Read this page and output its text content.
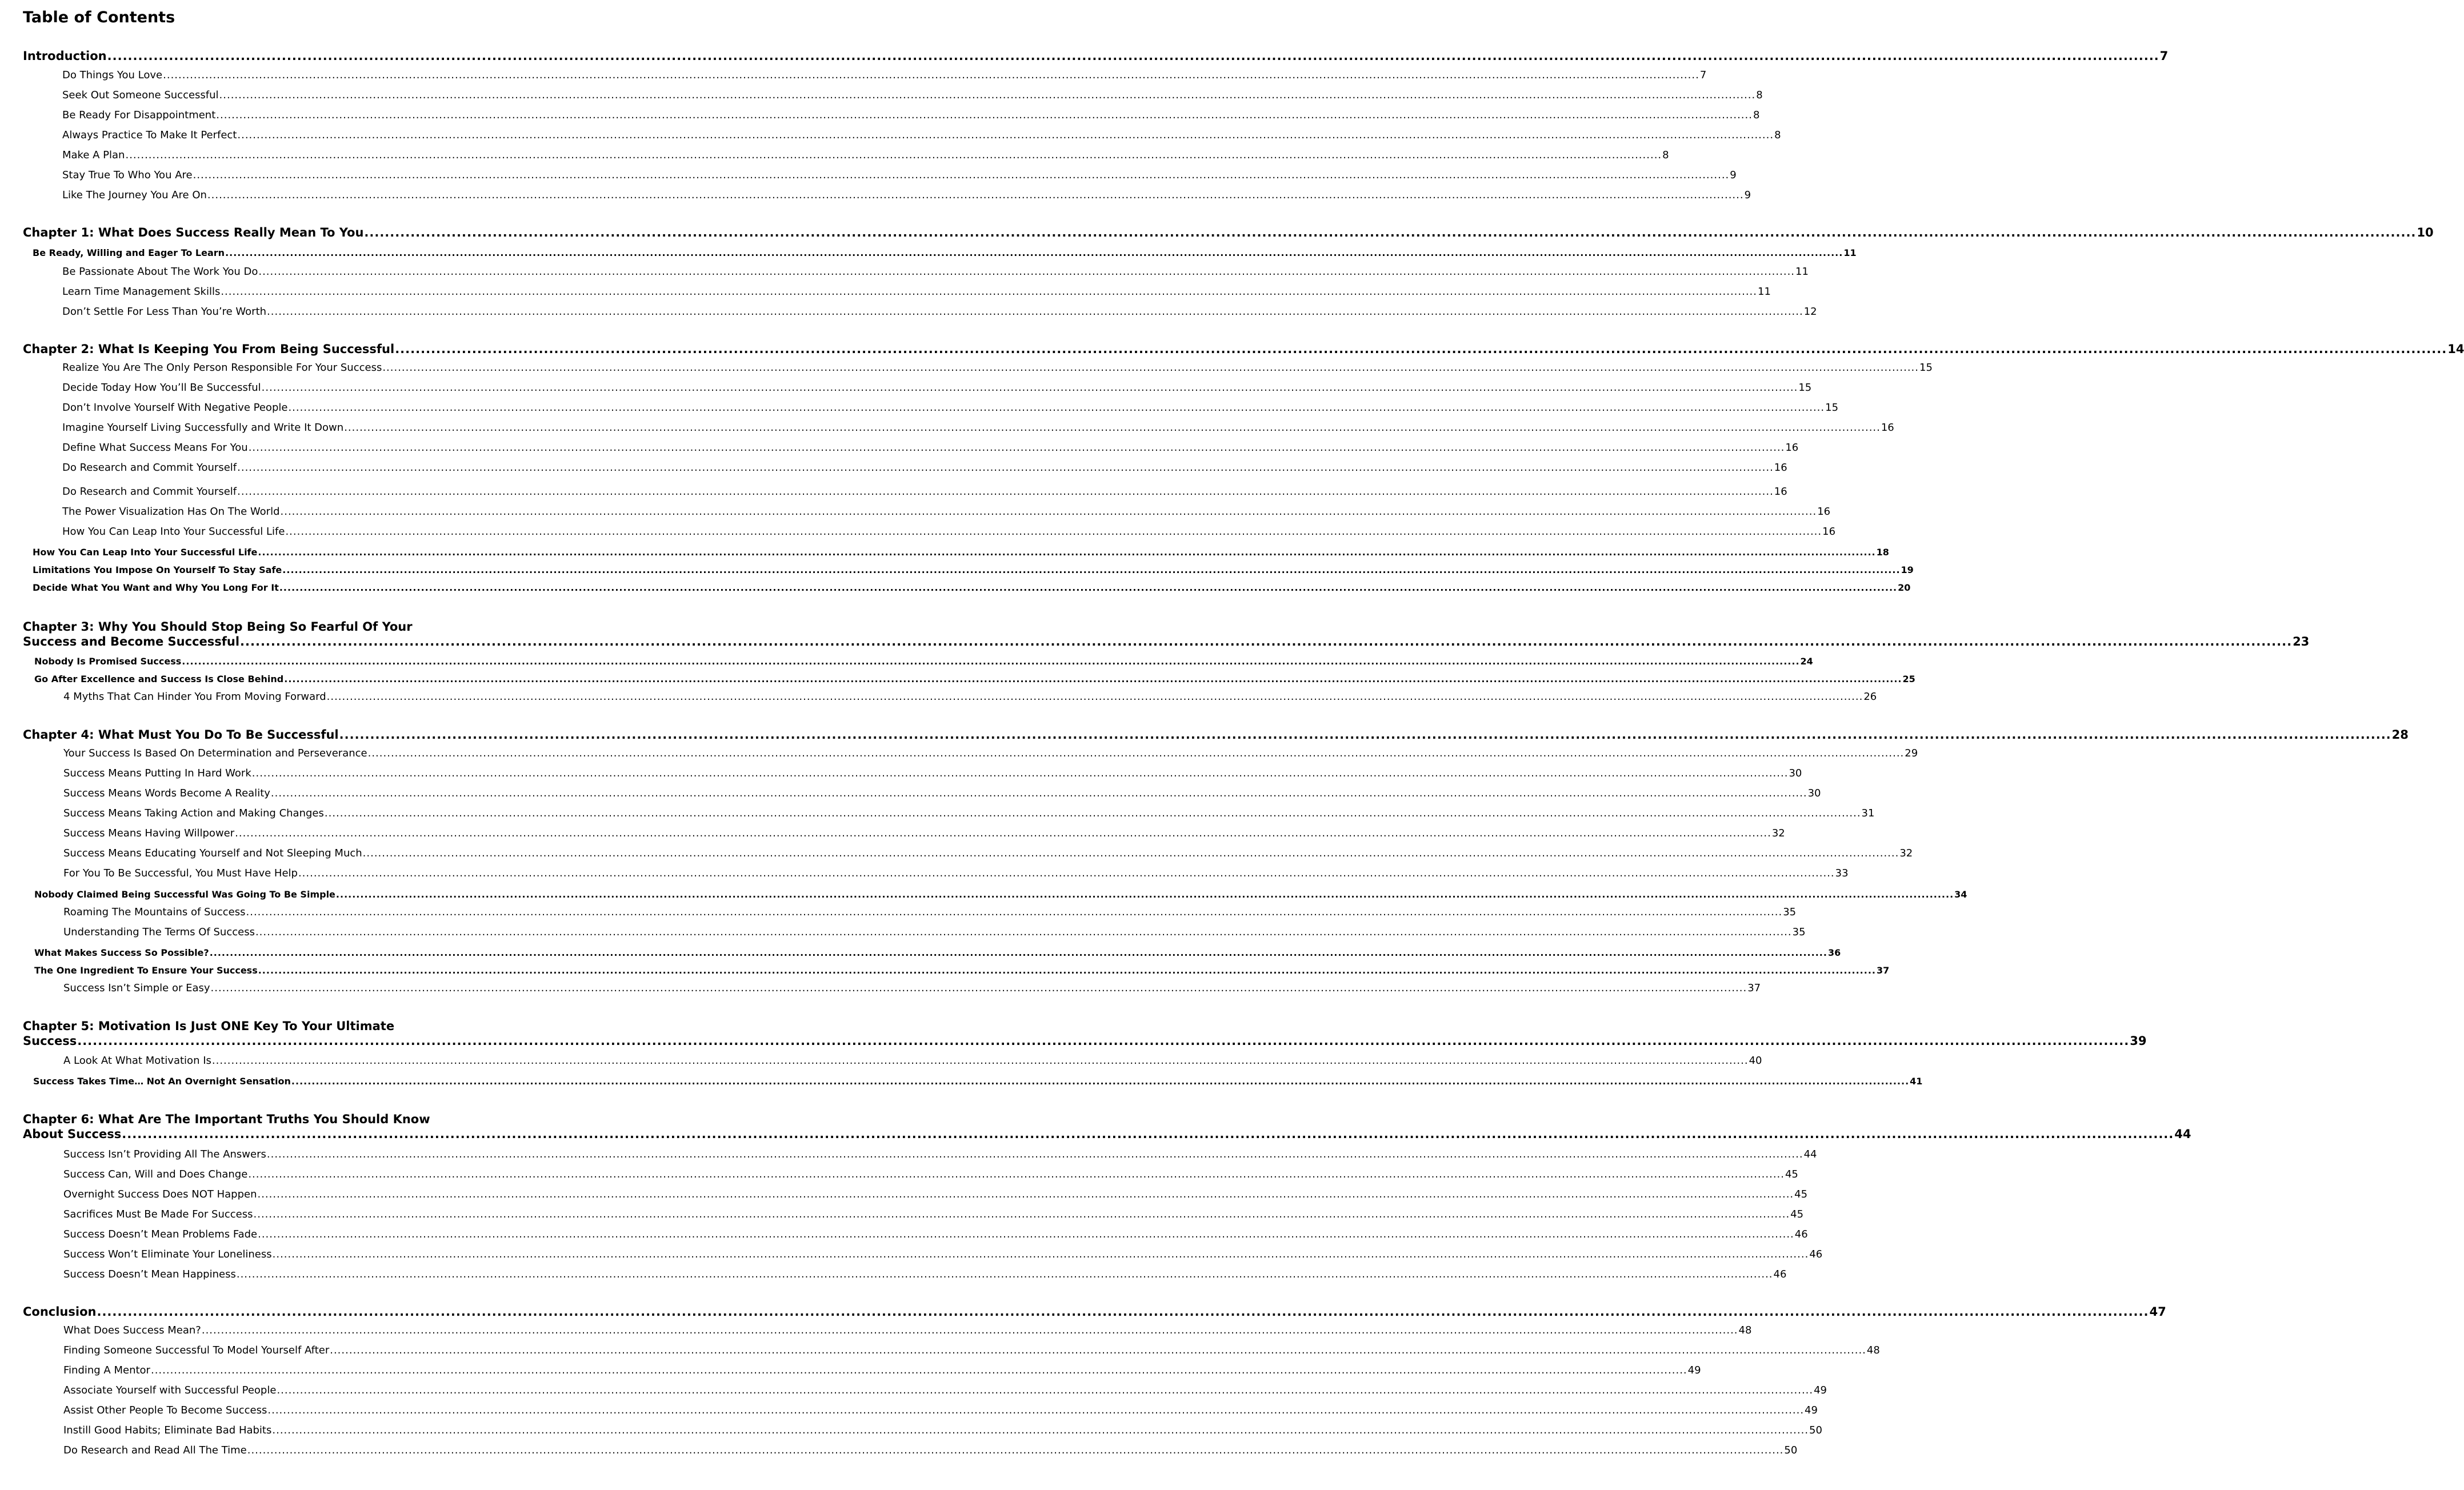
Table of Contents
Introduction ................................................................................................................................................................................................................................................................................................................................................................................................................ 7
Do Things You Love ................................................................................................................................................................................................................................................................................................................................................................................................................ 7
Seek Out Someone Successful ................................................................................................................................................................................................................................................................................................................................................................................................................ 8
Be Ready For Disappointment ................................................................................................................................................................................................................................................................................................................................................................................................................ 8
Always Practice To Make It Perfect ................................................................................................................................................................................................................................................................................................................................................................................................................ 8
Make A Plan ................................................................................................................................................................................................................................................................................................................................................................................................................ 8
Stay True To Who You Are ................................................................................................................................................................................................................................................................................................................................................................................................................ 9
Like The Journey You Are On ................................................................................................................................................................................................................................................................................................................................................................................................................ 9
Chapter 1: What Does Success Really Mean To You ................................................................................................................................................................................................................................................................................................................................................................................................................ 10
Be Ready, Willing and Eager To Learn ................................................................................................................................................................................................................................................................................................................................................................................................................ 11
Be Passionate About The Work You Do ................................................................................................................................................................................................................................................................................................................................................................................................................ 11
Learn Time Management Skills ................................................................................................................................................................................................................................................................................................................................................................................................................ 11
Don’t Settle For Less Than You’re Worth ................................................................................................................................................................................................................................................................................................................................................................................................................ 12
Chapter 2: What Is Keeping You From Being Successful ................................................................................................................................................................................................................................................................................................................................................................................................................ 14
Realize You Are The Only Person Responsible For Your Success ................................................................................................................................................................................................................................................................................................................................................................................................................ 15
Decide Today How You’ll Be Successful ................................................................................................................................................................................................................................................................................................................................................................................................................ 15
Don’t Involve Yourself With Negative People ................................................................................................................................................................................................................................................................................................................................................................................................................ 15
Imagine Yourself Living Successfully and Write It Down ................................................................................................................................................................................................................................................................................................................................................................................................................ 16
Define What Success Means For You ................................................................................................................................................................................................................................................................................................................................................................................................................ 16
Do Research and Commit Yourself ................................................................................................................................................................................................................................................................................................................................................................................................................ 16
Do Research and Commit Yourself ................................................................................................................................................................................................................................................................................................................................................................................................................ 16
The Power Visualization Has On The World ................................................................................................................................................................................................................................................................................................................................................................................................................ 16
How You Can Leap Into Your Successful Life ................................................................................................................................................................................................................................................................................................................................................................................................................ 16
How You Can Leap Into Your Successful Life ................................................................................................................................................................................................................................................................................................................................................................................................................ 18
Limitations You Impose On Yourself To Stay Safe ................................................................................................................................................................................................................................................................................................................................................................................................................ 19
Decide What You Want and Why You Long For It ................................................................................................................................................................................................................................................................................................................................................................................................................ 20
Chapter 3: Why You Should Stop Being So Fearful Of Your
Success and Become Successful ................................................................................................................................................................................................................................................................................................................................................................................................................ 23
Nobody Is Promised Success ................................................................................................................................................................................................................................................................................................................................................................................................................ 24
Go After Excellence and Success Is Close Behind ................................................................................................................................................................................................................................................................................................................................................................................................................ 25
4 Myths That Can Hinder You From Moving Forward ................................................................................................................................................................................................................................................................................................................................................................................................................ 26
Chapter 4: What Must You Do To Be Successful ................................................................................................................................................................................................................................................................................................................................................................................................................ 28
Your Success Is Based On Determination and Perseverance ................................................................................................................................................................................................................................................................................................................................................................................................................ 29
Success Means Putting In Hard Work ................................................................................................................................................................................................................................................................................................................................................................................................................ 30
Success Means Words Become A Reality ................................................................................................................................................................................................................................................................................................................................................................................................................ 30
Success Means Taking Action and Making Changes ................................................................................................................................................................................................................................................................................................................................................................................................................ 31
Success Means Having Willpower ................................................................................................................................................................................................................................................................................................................................................................................................................ 32
Success Means Educating Yourself and Not Sleeping Much ................................................................................................................................................................................................................................................................................................................................................................................................................ 32
For You To Be Successful, You Must Have Help ................................................................................................................................................................................................................................................................................................................................................................................................................ 33
Nobody Claimed Being Successful Was Going To Be Simple ................................................................................................................................................................................................................................................................................................................................................................................................................ 34
Roaming The Mountains of Success ................................................................................................................................................................................................................................................................................................................................................................................................................ 35
Understanding The Terms Of Success ................................................................................................................................................................................................................................................................................................................................................................................................................ 35
What Makes Success So Possible? ................................................................................................................................................................................................................................................................................................................................................................................................................ 36
The One Ingredient To Ensure Your Success ................................................................................................................................................................................................................................................................................................................................................................................................................ 37
Success Isn’t Simple or Easy ................................................................................................................................................................................................................................................................................................................................................................................................................ 37
Chapter 5: Motivation Is Just ONE Key To Your Ultimate
Success ................................................................................................................................................................................................................................................................................................................................................................................................................ 39
A Look At What Motivation Is ................................................................................................................................................................................................................................................................................................................................................................................................................ 40
Success Takes Time… Not An Overnight Sensation ................................................................................................................................................................................................................................................................................................................................................................................................................ 41
Chapter 6: What Are The Important Truths You Should Know
About Success ................................................................................................................................................................................................................................................................................................................................................................................................................ 44
Success Isn’t Providing All The Answers ................................................................................................................................................................................................................................................................................................................................................................................................................ 44
Success Can, Will and Does Change ................................................................................................................................................................................................................................................................................................................................................................................................................ 45
Overnight Success Does NOT Happen ................................................................................................................................................................................................................................................................................................................................................................................................................ 45
Sacrifices Must Be Made For Success ................................................................................................................................................................................................................................................................................................................................................................................................................ 45
Success Doesn’t Mean Problems Fade ................................................................................................................................................................................................................................................................................................................................................................................................................ 46
Success Won’t Eliminate Your Loneliness ................................................................................................................................................................................................................................................................................................................................................................................................................ 46
Success Doesn’t Mean Happiness ................................................................................................................................................................................................................................................................................................................................................................................................................ 46
Conclusion ................................................................................................................................................................................................................................................................................................................................................................................................................ 47
What Does Success Mean? ................................................................................................................................................................................................................................................................................................................................................................................................................ 48
Finding Someone Successful To Model Yourself After ................................................................................................................................................................................................................................................................................................................................................................................................................ 48
Finding A Mentor ................................................................................................................................................................................................................................................................................................................................................................................................................ 49
Associate Yourself with Successful People ................................................................................................................................................................................................................................................................................................................................................................................................................ 49
Assist Other People To Become Success ................................................................................................................................................................................................................................................................................................................................................................................................................ 49
Instill Good Habits; Eliminate Bad Habits ................................................................................................................................................................................................................................................................................................................................................................................................................ 50
Do Research and Read All The Time ................................................................................................................................................................................................................................................................................................................................................................................................................ 50
